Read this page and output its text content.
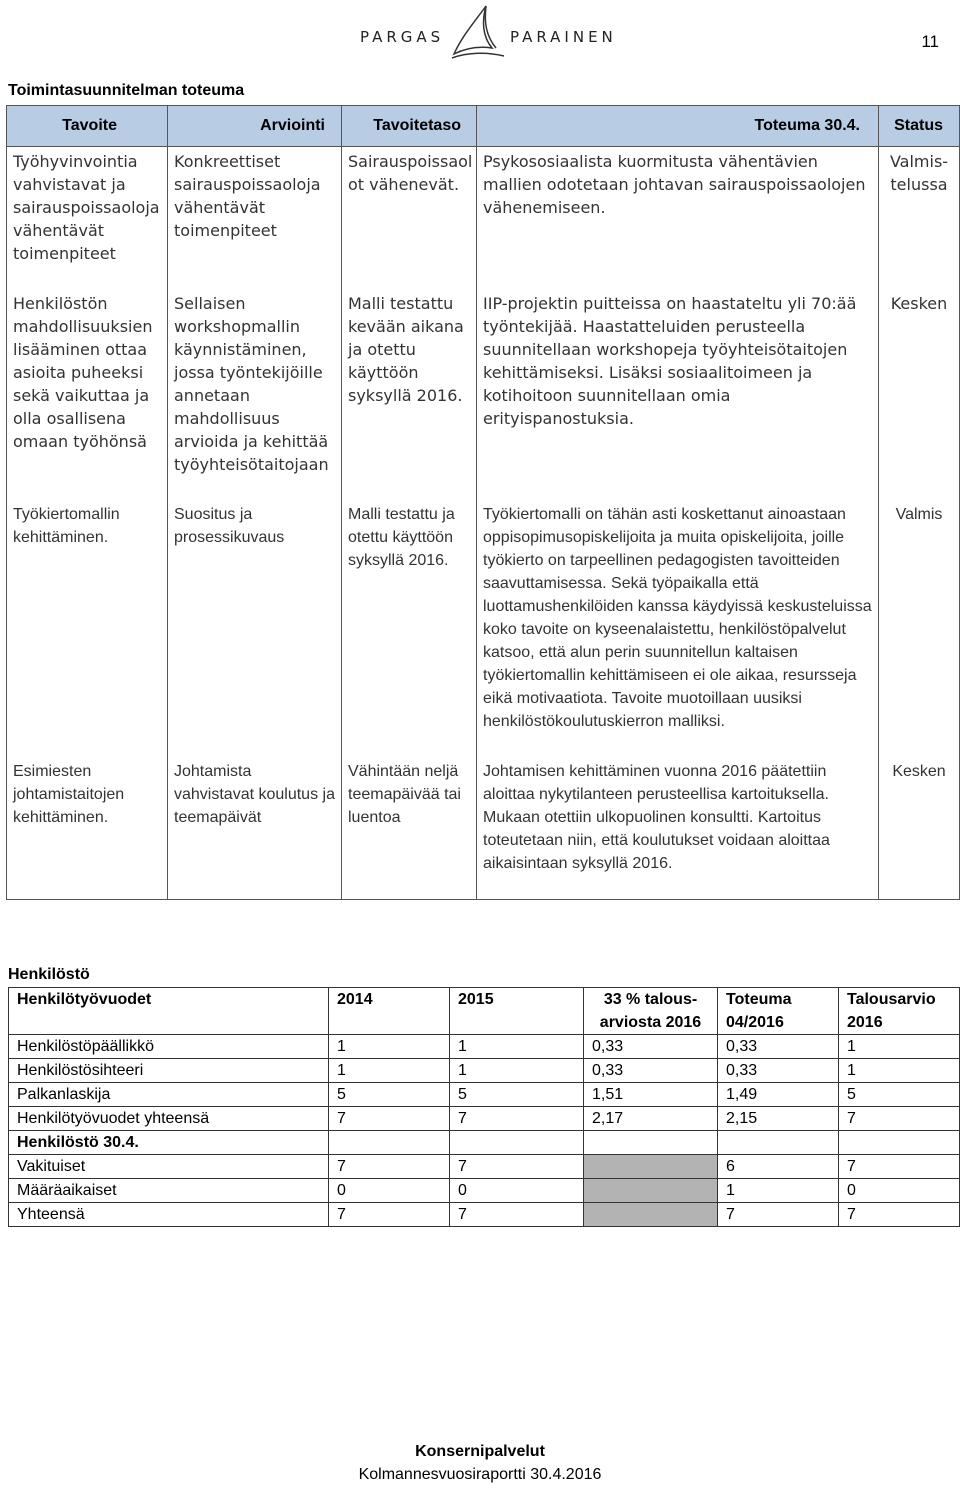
PARGAS	PARAINEN	11
Toimintasuunnitelman toteuma
Tavoite	Arviointi	Tavoitetaso	Toteuma 30.4.	Status
Työhyvinvointia vahvistavat ja sairauspoissaoloja vähentävät toimenpiteet	Konkreettiset sairauspoissaoloja vähentävät toimenpiteet	Sairauspoissaol ot vähenevät.	Psykososiaalista kuormitusta vähentävien mallien odotetaan johtavan sairauspoissaolojen vähenemiseen.	Valmis-telussa
Henkilöstön mahdollisuuksien lisääminen ottaa asioita puheeksi sekä vaikuttaa ja olla osallisena omaan työhönsä	Sellaisen workshopmallin käynnistäminen, jossa työntekijöille annetaan mahdollisuus arvioida ja kehittää työyhteisötaitojaan	Malli testattu kevään aikana ja otettu käyttöön syksyllä 2016.	IIP-projektin puitteissa on haastateltu yli 70:ää työntekijää. Haastatteluiden perusteella suunnitellaan workshopeja työyhteisötaitojen kehittämiseksi. Lisäksi sosiaalitoimeen ja kotihoitoon suunnitellaan omia erityispanostuksia.	Kesken
Työkiertomallin kehittäminen.	Suositus ja prosessikuvaus	Malli testattu ja otettu käyttöön syksyllä 2016.	Työkiertomalli on tähän asti koskettanut ainoastaan oppisopimusopiskelijoita ja muita opiskelijoita, joille työkierto on tarpeellinen pedagogisten tavoitteiden saavuttamisessa. Sekä työpaikalla että luottamushenkilöiden kanssa käydyissä keskusteluissa koko tavoite on kyseenalaistettu, henkilöstöpalvelut katsoo, että alun perin suunnitellun kaltaisen työkiertomallin kehittämiseen ei ole aikaa, resursseja eikä motivaatiota. Tavoite muotoillaan uusiksi henkilöstökoulutuskierron malliksi.	Valmis
Esimiesten johtamistaitojen kehittäminen.	Johtamista vahvistavat koulutus ja teemapäivät	Vähintään neljä teemapäivää tai luentoa	Johtamisen kehittäminen vuonna 2016 päätettiin aloittaa nykytilanteen perusteellisa kartoituksella. Mukaan otettiin ulkopuolinen konsultti. Kartoitus toteutetaan niin, että koulutukset voidaan aloittaa aikaisintaan syksyllä 2016.	Kesken
Henkilöstö
Henkilötyövuodet	2014	2015	33 % talous-arviosta 2016	Toteuma 04/2016	Talousarvio 2016
Henkilöstöpäällikkö	1	1	0,33	0,33	1
Henkilöstösihteeri	1	1	0,33	0,33	1
Palkanlaskija	5	5	1,51	1,49	5
Henkilötyövuodet yhteensä	7	7	2,17	2,15	7
Henkilöstö 30.4.					
Vakituiset	7	7		6	7
Määräaikaiset	0	0		1	0
Yhteensä	7	7		7	7
Konsernipalvelut
Kolmannesvuosiraportti 30.4.2016
